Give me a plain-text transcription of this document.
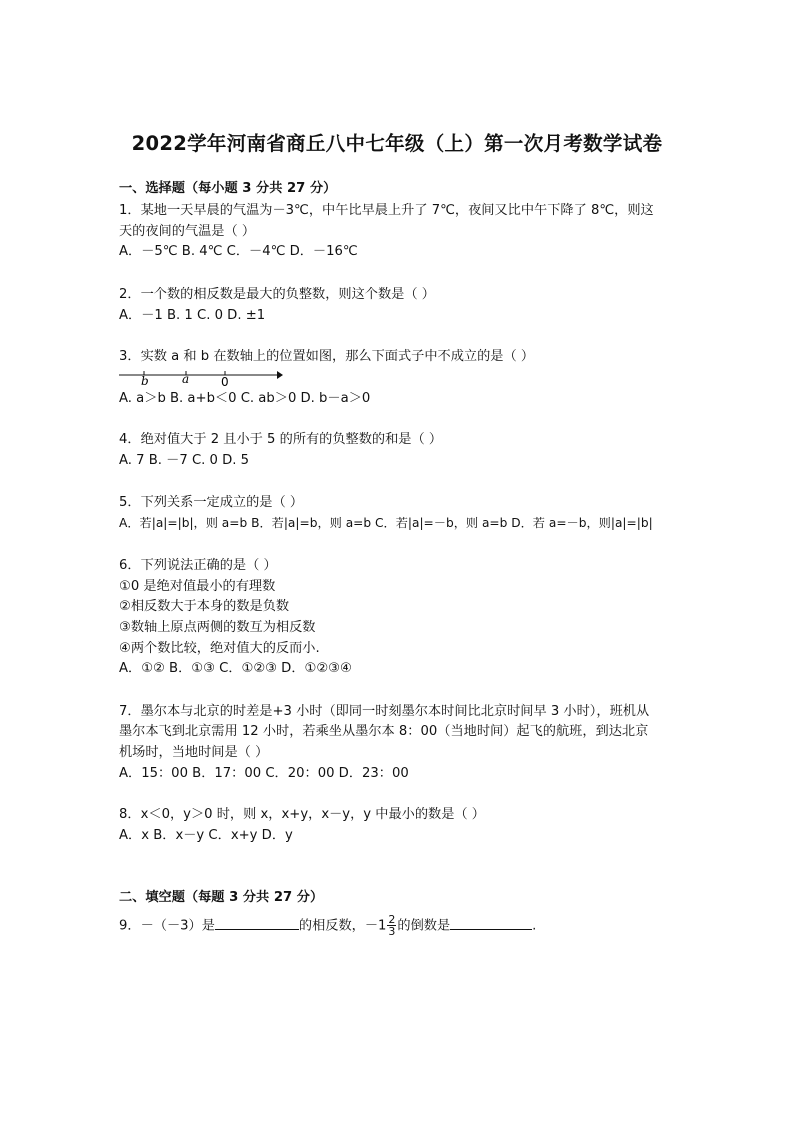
2022学年河南省商丘八中七年级（上）第一次月考数学试卷
一、选择题（每小题 3 分共 27 分）
1．某地一天早晨的气温为－3℃，中午比早晨上升了 7℃，夜间又比中午下降了 8℃，则这
天的夜间的气温是（ ）
A．－5℃ B. 4℃ C．－4℃ D．－16℃
2．一个数的相反数是最大的负整数，则这个数是（ ）
A．－1 B. 1 C. 0 D. ±1
3．实数 a 和 b 在数轴上的位置如图，那么下面式子中不成立的是（ ）
b	a	0
A. a＞b B. a+b＜0 C. ab＞0 D. b－a＞0
4．绝对值大于 2 且小于 5 的所有的负整数的和是（ ）
A. 7 B. －7 C. 0 D. 5
5．下列关系一定成立的是（ ）
A．若|a|=|b|，则 a=b B．若|a|=b，则 a=b C．若|a|=－b，则 a=b D．若 a=－b，则|a|=|b|
6．下列说法正确的是（ ）
①0 是绝对值最小的有理数
②相反数大于本身的数是负数
③数轴上原点两侧的数互为相反数
④两个数比较，绝对值大的反而小.
A．①② B．①③ C．①②③ D．①②③④
7．墨尔本与北京的时差是+3 小时（即同一时刻墨尔本时间比北京时间早 3 小时），班机从
墨尔本飞到北京需用 12 小时，若乘坐从墨尔本 8：00（当地时间）起飞的航班，到达北京
机场时，当地时间是（ ）
A．15：00 B．17：00 C．20：00 D．23：00
8．x＜0，y＞0 时，则 x，x+y，x－y，y 中最小的数是（ ）
A．x B．x－y C．x+y D．y
二、填空题（每题 3 分共 27 分）
9．－（－3）是	的相反数，$-1 \frac{2}{3}$ 的倒数是	.
